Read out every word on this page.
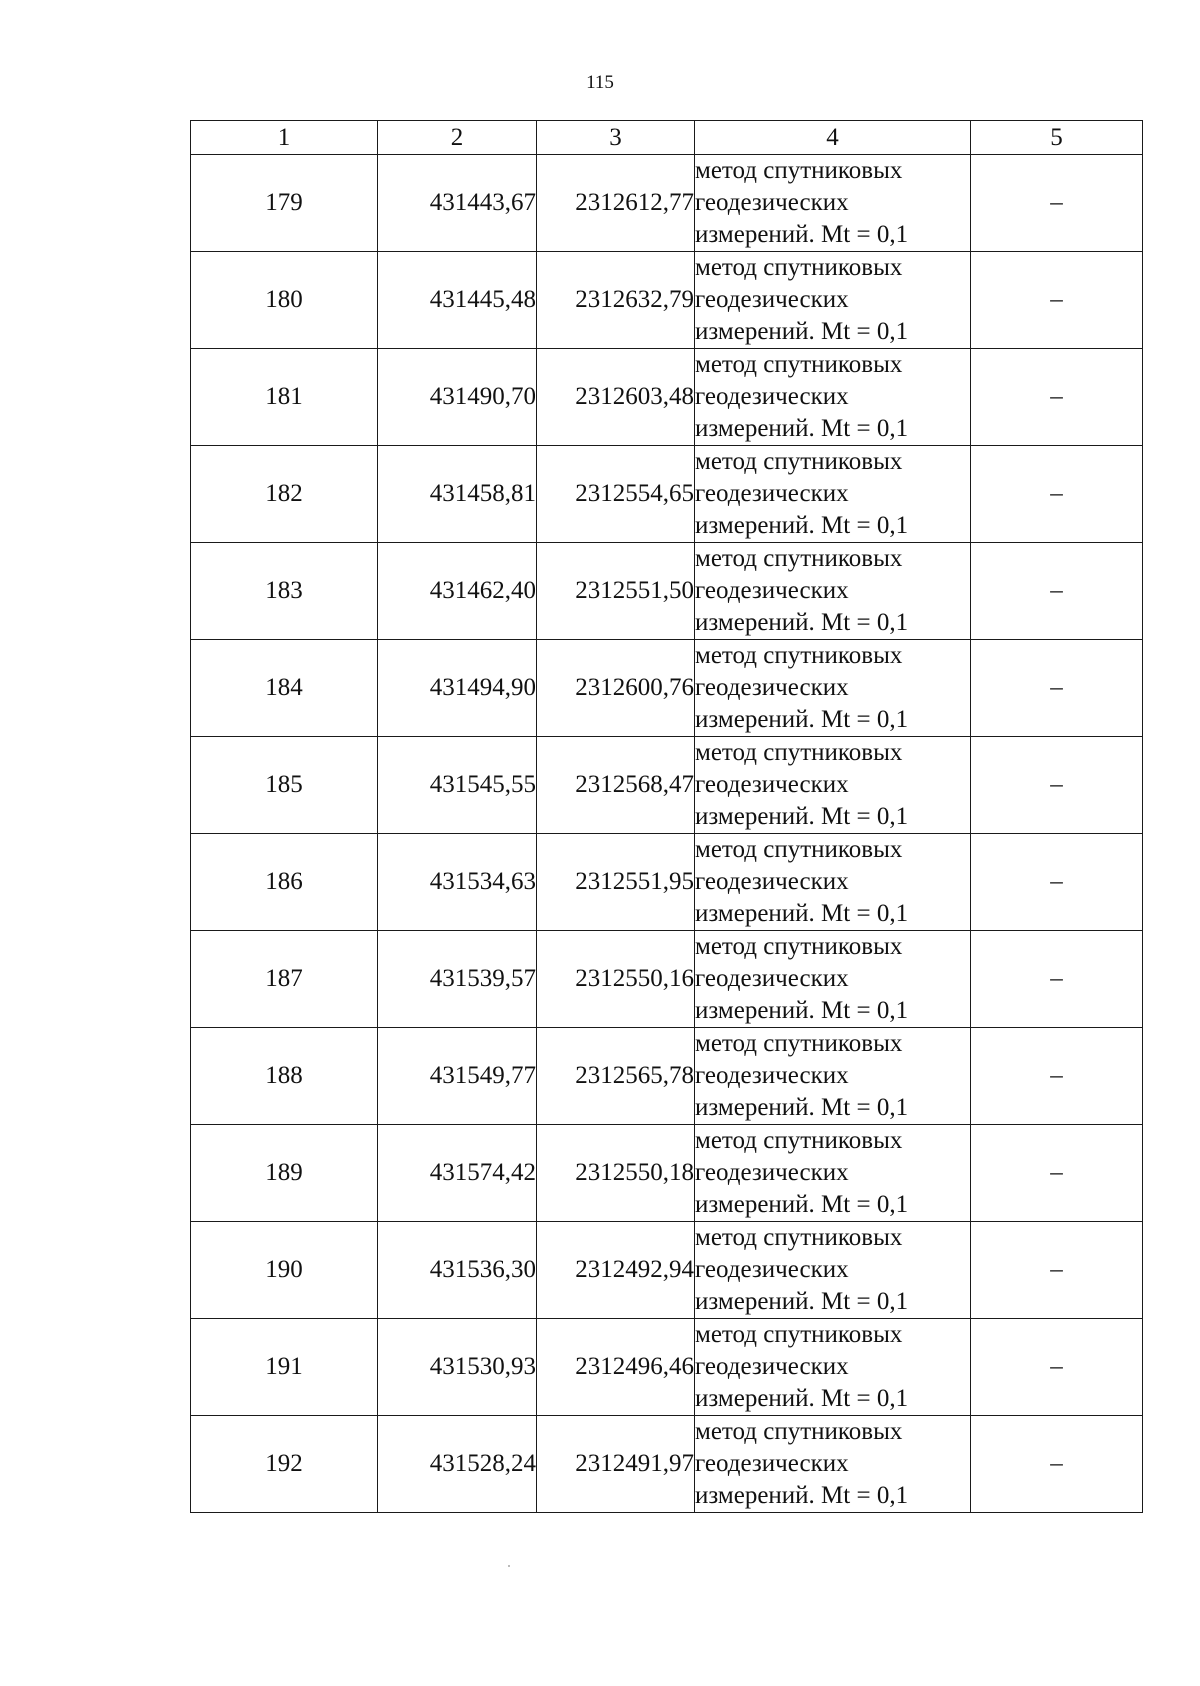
115
1	2	3	4	5
179	431443,67	2312612,77	метод спутниковых
геодезических
измерений. Mt = 0,1	–
180	431445,48	2312632,79	метод спутниковых
геодезических
измерений. Mt = 0,1	–
181	431490,70	2312603,48	метод спутниковых
геодезических
измерений. Mt = 0,1	–
182	431458,81	2312554,65	метод спутниковых
геодезических
измерений. Mt = 0,1	–
183	431462,40	2312551,50	метод спутниковых
геодезических
измерений. Mt = 0,1	–
184	431494,90	2312600,76	метод спутниковых
геодезических
измерений. Mt = 0,1	–
185	431545,55	2312568,47	метод спутниковых
геодезических
измерений. Mt = 0,1	–
186	431534,63	2312551,95	метод спутниковых
геодезических
измерений. Mt = 0,1	–
187	431539,57	2312550,16	метод спутниковых
геодезических
измерений. Mt = 0,1	–
188	431549,77	2312565,78	метод спутниковых
геодезических
измерений. Mt = 0,1	–
189	431574,42	2312550,18	метод спутниковых
геодезических
измерений. Mt = 0,1	–
190	431536,30	2312492,94	метод спутниковых
геодезических
измерений. Mt = 0,1	–
191	431530,93	2312496,46	метод спутниковых
геодезических
измерений. Mt = 0,1	–
192	431528,24	2312491,97	метод спутниковых
геодезических
измерений. Mt = 0,1	–
